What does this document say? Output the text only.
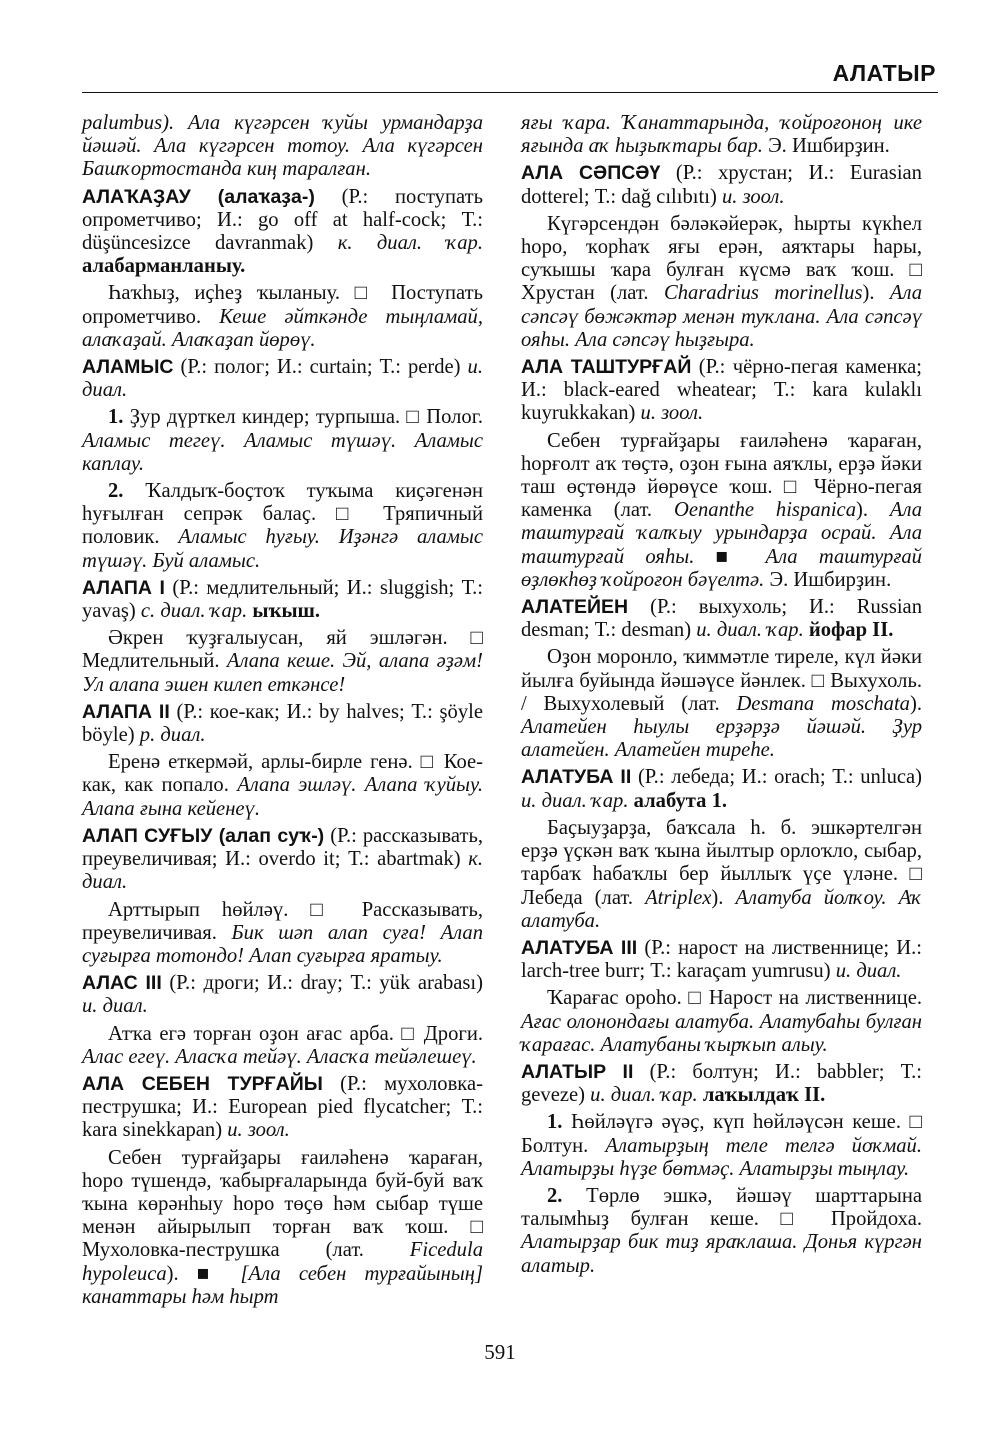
АЛАТЫР

palumbus). Ала күгәрсен ҡуйы урмандарҙа йәшәй. Ала күгәрсен тотоу. Ала күгәрсен Башҡортостанда киң таралған.

АЛАҠАҘАУ (алаҡаҙа-) (Р.: поступать опрометчиво; И.: go off at half-cock; Т.: düşüncesizce davranmak) к. диал. ҡар. алабарманланыу.

Һаҡһыҙ, иҫһеҙ ҡыланыу. □ Поступать опрометчиво. Кеше әйткәнде тыңламай, алаҡаҙай. Алаҡаҙап йөрөү.

АЛАМЫС (Р.: полог; И.: curtain; Т.: perde) и. диал.

1. Ҙур дүрткел киндер; турпыша. □ Полог. Аламыс тегеү. Аламыс түшәү. Аламыс каплау.

2. Ҡалдыҡ-боҫтоҡ туҡыма киҫәгенән һуғылған сепрәк балаҫ. □ Тряпичный половик. Аламыс һуғыу. Иҙәнгә аламыс түшәү. Буй аламыс.

АЛАПА I (Р.: медлительный; И.: sluggish; Т.: yavaş) с. диал. ҡар. ыҡыш.

Әкрен ҡуҙғалыусан, яй эшләгән. □ Медлительный. Алапа кеше. Эй, алапа әҙәм! Ул алапа эшен килеп еткәнсе!

АЛАПА II (Р.: кое-как; И.: by halves; Т.: şöyle böyle) р. диал.

Еренә еткермәй, арлы-бирле генә. □ Кое-как, как попало. Алапа эшләү. Алапа ҡуйыу. Алапа ғына кейенеү.

АЛАП СУҒЫУ (алап суҡ-) (Р.: рассказывать, преувеличивая; И.: overdo it; Т.: abartmak) к. диал.

Арттырып һөйләү. □ Рассказывать, преувеличивая. Бик шәп алап суға! Алап суғырға тотондо! Алап суғырға яратыу.

АЛАС III (Р.: дроги; И.: dray; Т.: yük arabası) и. диал.

Атҡа егә торған оҙон ағас арба. □ Дроги. Алас егеү. Аласҡа тейәү. Аласҡа тейәлешеү.

АЛА СЕБЕН ТУРҒАЙЫ (Р.: мухоловка-пеструшка; И.: European pied flycatcher; Т.: kara sinekkapan) и. зоол.

Себен турғайҙары ғаиләһенә ҡараған, һоро түшендә, ҡабырғаларында буй-буй ваҡ ҡына көрәнһыу һоро төҫө һәм сыбар түше менән айырылып торған ваҡ ҡош. □ Мухоловка-пеструшка (лат. Ficedula hypoleuca). ■ [Ала себен турғайының] канаттары һәм һырт

яғы ҡара. Ҡанаттарында, ҡойроғоноң ике яғында аҡ һыҙыҡтары бар. Э. Ишбирҙин.

АЛА СӘПСӘҮ (Р.: хрустан; И.: Eurasian dotterel; Т.: dağ cılıbıtı) и. зоол.

Күгәрсендән бәләкәйерәк, һырты күкһел һоро, ҡорһаҡ яғы ерән, аяҡтары һары, суҡышы ҡара булған күсмә ваҡ ҡош. □ Хрустан (лат. Charadrius morinellus). Ала сәпсәү бөжәктәр менән туҡлана. Ала сәпсәү ояһы. Ала сәпсәү һыҙғыра.

АЛА ТАШТУРҒАЙ (Р.: чёрно-пегая каменка; И.: black-eared wheatear; Т.: kara kulaklı kuyrukkakan) и. зоол.

Себен турғайҙары ғаиләһенә ҡараған, һорғолт аҡ төҫтә, оҙон ғына аяҡлы, ерҙә йәки таш өҫтөндә йөрөүсе ҡош. □ Чёрно-пегая каменка (лат. Oenanthe hispanica). Ала таштурғай ҡалҡыу урындарҙа осрай. Ала таштурғай ояһы. ■ Ала таштурғай өҙлөкһөҙ ҡойроғон бәүелтә. Э. Ишбирҙин.

АЛАТЕЙЕН (Р.: выхухоль; И.: Russian desman; Т.: desman) и. диал. ҡар. йофар II.

Оҙон моронло, ҡиммәтле тиреле, күл йәки йылға буйында йәшәүсе йәнлек. □ Выхухоль. / Выхухолевый (лат. Desmana moschata). Алатейен һыулы ерҙәрҙә йәшәй. Ҙур алатейен. Алатейен тиреһе.

АЛАТУБА II (Р.: лебеда; И.: orach; Т.: unluca) и. диал. ҡар. алабута 1.

Баҫыуҙарҙа, баҡсала һ. б. эшкәртелгән ерҙә үҫкән ваҡ ҡына йылтыр орлоҡло, сыбар, тарбаҡ һабаҡлы бер йыллыҡ үҫе үләне. □ Лебеда (лат. Atriplex). Алатуба йолҡоу. Аҡ алатуба.

АЛАТУБА III (Р.: нарост на лиственнице; И.: larch-tree burr; Т.: karaçam yumrusu) и. диал.

Ҡарағас ороһо. □ Нарост на лиственнице. Ағас олонондағы алатуба. Алатубаһы булған ҡарағас. Алатубаны ҡырҡып алыу.

АЛАТЫР II (Р.: болтун; И.: babbler; Т.: geveze) и. диал. ҡар. лаҡылдаҡ II.

1. Һөйләүгә әүәҫ, күп һөйләүсән кеше. □ Болтун. Алатырҙың теле телгә йоҡмай. Алатырҙы һүҙе бөтмәҫ. Алатырҙы тыңлау.

2. Төрлө эшкә, йәшәү шарттарына талымһыҙ булған кеше. □ Пройдоха. Алатырҙар бик тиҙ яраҡлаша. Донья күргән алатыр.

591
